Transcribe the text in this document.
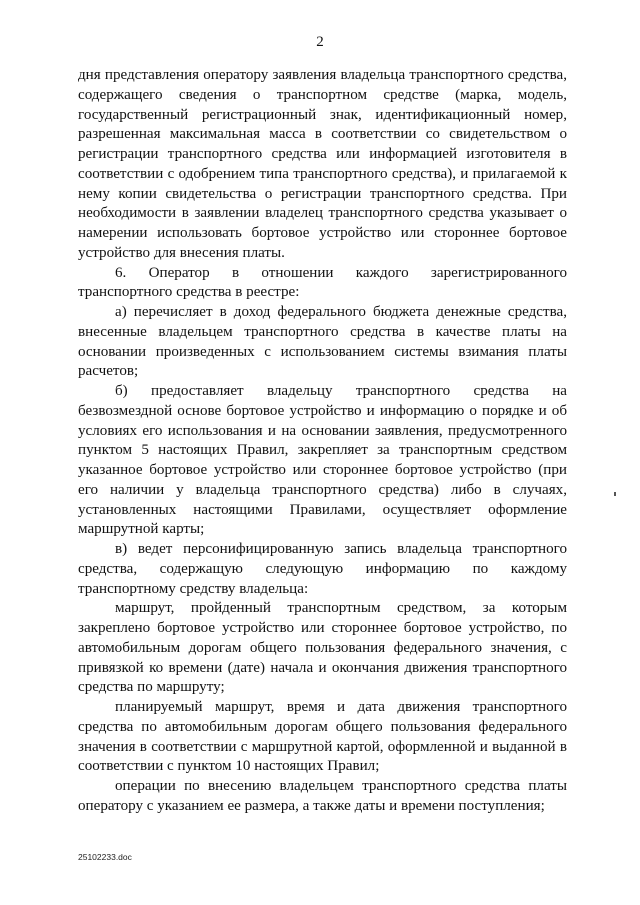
2

дня представления оператору заявления владельца транспортного средства, содержащего сведения о транспортном средстве (марка, модель, государственный регистрационный знак, идентификационный номер, разрешенная максимальная масса в соответствии со свидетельством о регистрации транспортного средства или информацией изготовителя в соответствии с одобрением типа транспортного средства), и прилагаемой к нему копии свидетельства о регистрации транспортного средства. При необходимости в заявлении владелец транспортного средства указывает о намерении использовать бортовое устройство или стороннее бортовое устройство для внесения платы.

6. Оператор в отношении каждого зарегистрированного транспортного средства в реестре:

а) перечисляет в доход федерального бюджета денежные средства, внесенные владельцем транспортного средства в качестве платы на основании произведенных с использованием системы взимания платы расчетов;

б) предоставляет владельцу транспортного средства на безвозмездной основе бортовое устройство и информацию о порядке и об условиях его использования и на основании заявления, предусмотренного пунктом 5 настоящих Правил, закрепляет за транспортным средством указанное бортовое устройство или стороннее бортовое устройство (при его наличии у владельца транспортного средства) либо в случаях, установленных настоящими Правилами, осуществляет оформление маршрутной карты;

в) ведет персонифицированную запись владельца транспортного средства, содержащую следующую информацию по каждому транспортному средству владельца:

маршрут, пройденный транспортным средством, за которым закреплено бортовое устройство или стороннее бортовое устройство, по автомобильным дорогам общего пользования федерального значения, с привязкой ко времени (дате) начала и окончания движения транспортного средства по маршруту;

планируемый маршрут, время и дата движения транспортного средства по автомобильным дорогам общего пользования федерального значения в соответствии с маршрутной картой, оформленной и выданной в соответствии с пунктом 10 настоящих Правил;

операции по внесению владельцем транспортного средства платы оператору с указанием ее размера, а также даты и времени поступления;

25102233.doc
